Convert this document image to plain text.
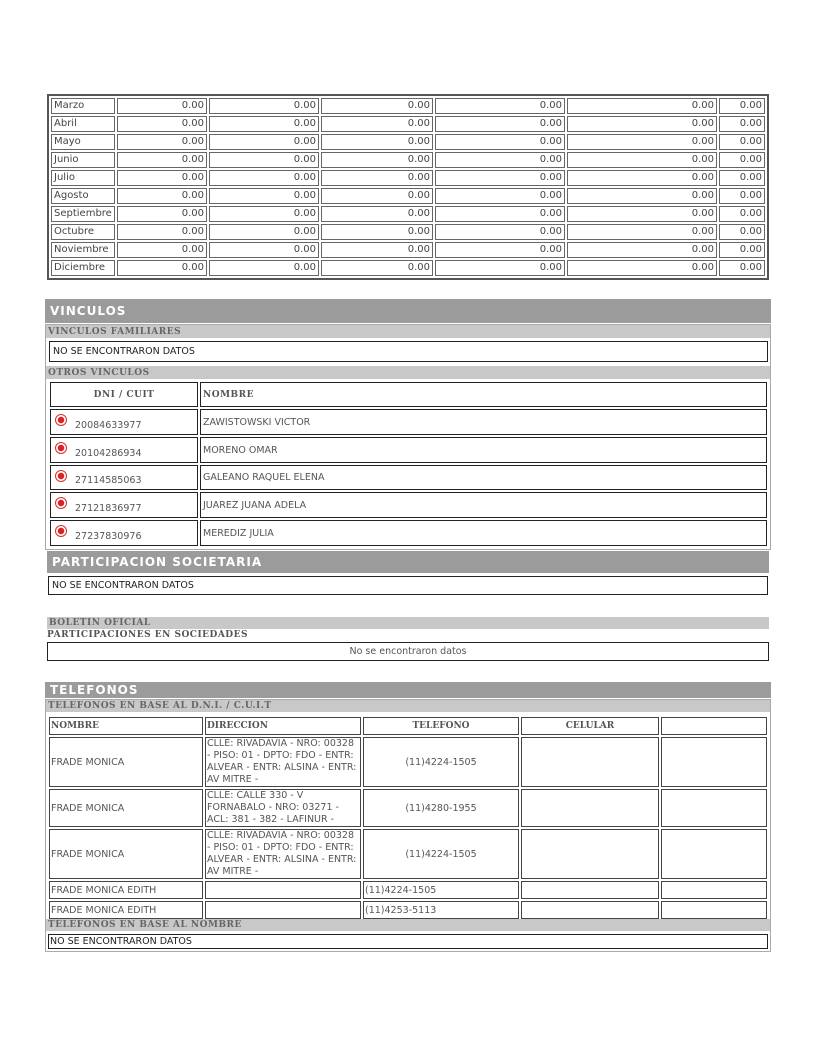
Marzo	0.00	0.00	0.00	0.00	0.00	0.00
Abril	0.00	0.00	0.00	0.00	0.00	0.00
Mayo	0.00	0.00	0.00	0.00	0.00	0.00
Junio	0.00	0.00	0.00	0.00	0.00	0.00
Julio	0.00	0.00	0.00	0.00	0.00	0.00
Agosto	0.00	0.00	0.00	0.00	0.00	0.00
Septiembre	0.00	0.00	0.00	0.00	0.00	0.00
Octubre	0.00	0.00	0.00	0.00	0.00	0.00
Noviembre	0.00	0.00	0.00	0.00	0.00	0.00
Diciembre	0.00	0.00	0.00	0.00	0.00	0.00
VINCULOS
VINCULOS FAMILIARES
NO SE ENCONTRARON DATOS
OTROS VINCULOS
DNI / CUIT	NOMBRE
20084633977	ZAWISTOWSKI VICTOR
20104286934	MORENO OMAR
27114585063	GALEANO RAQUEL ELENA
27121836977	JUAREZ JUANA ADELA
27237830976	MEREDIZ JULIA
PARTICIPACION SOCIETARIA
NO SE ENCONTRARON DATOS
BOLETIN OFICIAL
PARTICIPACIONES EN SOCIEDADES
No se encontraron datos
TELEFONOS
TELEFONOS EN BASE AL D.N.I. / C.U.I.T
NOMBRE	DIRECCION	TELEFONO	CELULAR	
FRADE MONICA	CLLE: RIVADAVIA - NRO: 00328 - PISO: 01 - DPTO: FDO - ENTR: ALVEAR - ENTR: ALSINA - ENTR: AV MITRE -	(11)4224-1505		
FRADE MONICA	CLLE: CALLE 330 - V FORNABALO - NRO: 03271 - ACL: 381 - 382 - LAFINUR -	(11)4280-1955		
FRADE MONICA	CLLE: RIVADAVIA - NRO: 00328 - PISO: 01 - DPTO: FDO - ENTR: ALVEAR - ENTR: ALSINA - ENTR: AV MITRE -	(11)4224-1505		
FRADE MONICA EDITH		(11)4224-1505		
FRADE MONICA EDITH		(11)4253-5113		
TELEFONOS EN BASE AL NOMBRE
NO SE ENCONTRARON DATOS
